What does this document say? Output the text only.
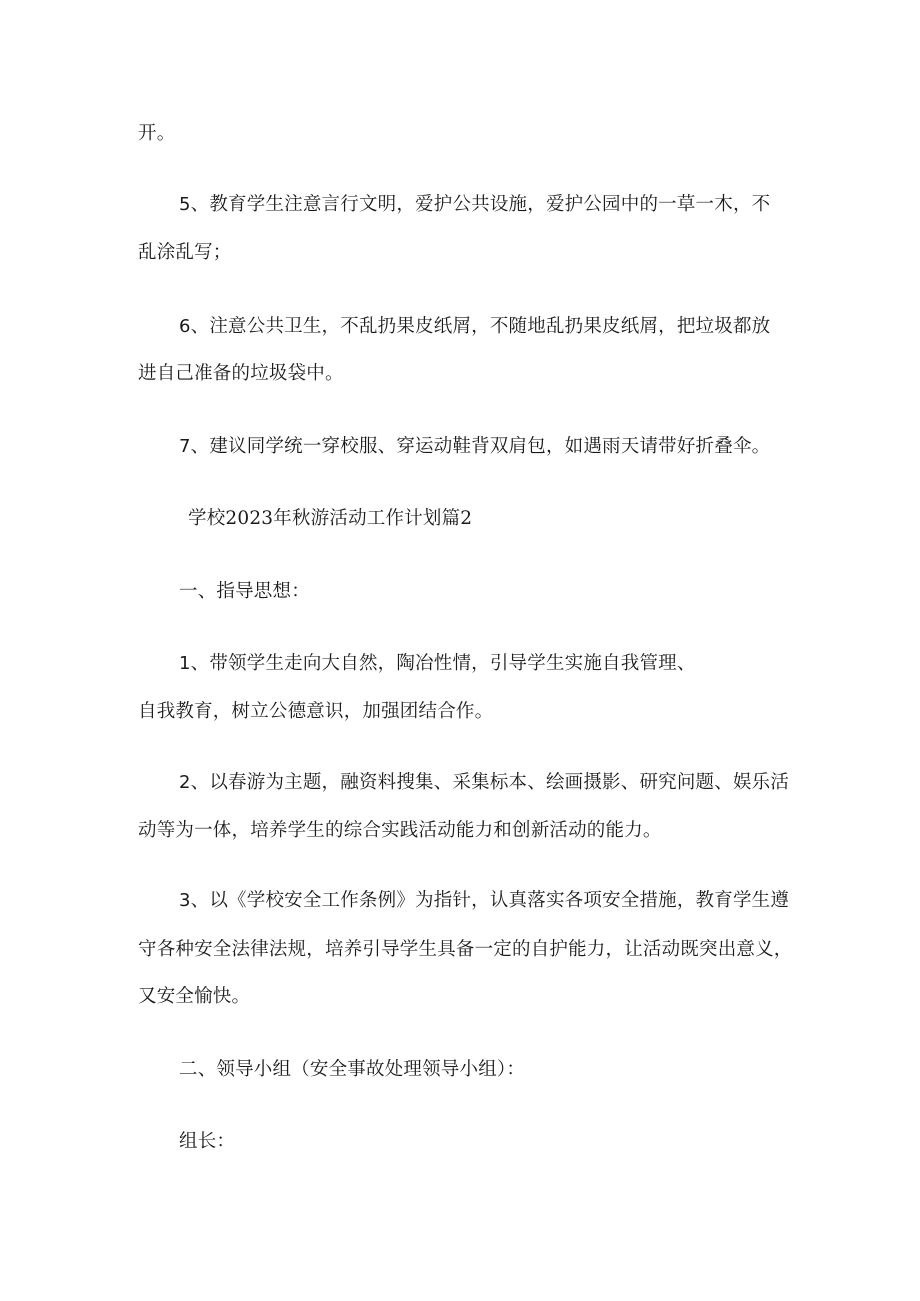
开。
5、教育学生注意言行文明，爱护公共设施，爱护公园中的一草一木，不
乱涂乱写；
6、注意公共卫生，不乱扔果皮纸屑，不随地乱扔果皮纸屑，把垃圾都放
进自己准备的垃圾袋中。
7、建议同学统一穿校服、穿运动鞋背双肩包，如遇雨天请带好折叠伞。
学校2023年秋游活动工作计划篇2
一、指导思想：
1、带领学生走向大自然，陶冶性情，引导学生实施自我管理、
自我教育，树立公德意识，加强团结合作。
2、以春游为主题，融资料搜集、采集标本、绘画摄影、研究问题、娱乐活
动等为一体，培养学生的综合实践活动能力和创新活动的能力。
3、以《学校安全工作条例》为指针，认真落实各项安全措施，教育学生遵
守各种安全法律法规，培养引导学生具备一定的自护能力，让活动既突出意义，
又安全愉快。
二、领导小组（安全事故处理领导小组）：
组长：
